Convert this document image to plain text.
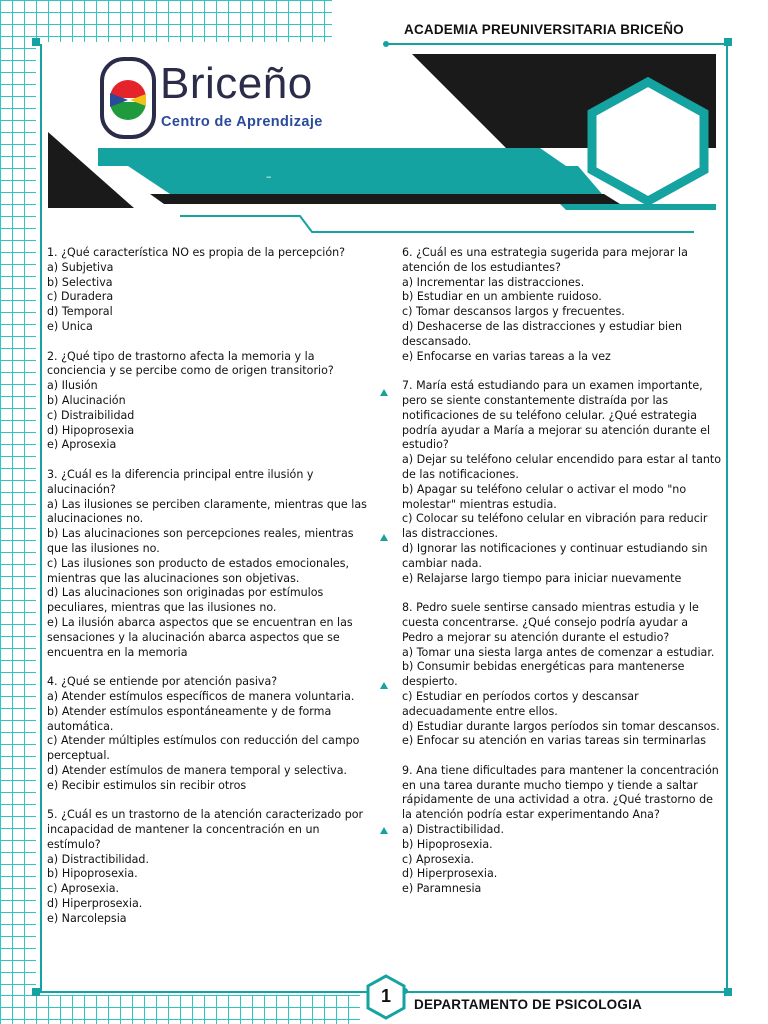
ACADEMIA PREUNIVERSITARIA BRICEÑO
Briceño
Centro de Aprendizaje
–

1. ¿Qué característica NO es propia de la percepción?

a) Subjetiva

b) Selectiva

c) Duradera

d) Temporal

e) Unica

2. ¿Qué tipo de trastorno afecta la memoria y la conciencia y se percibe como de origen transitorio?

a) Ilusión

b) Alucinación

c) Distraibilidad

d) Hipoprosexia

e) Aprosexia

3. ¿Cuál es la diferencia principal entre ilusión y alucinación?

a) Las ilusiones se perciben claramente, mientras que las alucinaciones no.

b) Las alucinaciones son percepciones reales, mientras que las ilusiones no.

c) Las ilusiones son producto de estados emocionales, mientras que las alucinaciones son objetivas.

d) Las alucinaciones son originadas por estímulos peculiares, mientras que las ilusiones no.

e) La ilusión abarca aspectos que se encuentran en las sensaciones y la alucinación abarca aspectos que se encuentra en la memoria

4. ¿Qué se entiende por atención pasiva?

a) Atender estímulos específicos de manera voluntaria.

b) Atender estímulos espontáneamente y de forma automática.

c) Atender múltiples estímulos con reducción del campo perceptual.

d) Atender estímulos de manera temporal y selectiva.

e) Recibir estimulos sin recibir otros

5. ¿Cuál es un trastorno de la atención caracterizado por incapacidad de mantener la concentración en un estímulo?

a) Distractibilidad.

b) Hipoprosexia.

c) Aprosexia.

d) Hiperprosexia.

e) Narcolepsia

6. ¿Cuál es una estrategia sugerida para mejorar la atención de los estudiantes?

a) Incrementar las distracciones.

b) Estudiar en un ambiente ruidoso.

c) Tomar descansos largos y frecuentes.

d) Deshacerse de las distracciones y estudiar bien descansado.

e) Enfocarse en varias tareas a la vez

7. María está estudiando para un examen importante, pero se siente constantemente distraída por las notificaciones de su teléfono celular. ¿Qué estrategia podría ayudar a María a mejorar su atención durante el estudio?

a) Dejar su teléfono celular encendido para estar al tanto de las notificaciones.

b) Apagar su teléfono celular o activar el modo "no molestar" mientras estudia.

c) Colocar su teléfono celular en vibración para reducir las distracciones.

d) Ignorar las notificaciones y continuar estudiando sin cambiar nada.

e) Relajarse largo tiempo para iniciar nuevamente

8. Pedro suele sentirse cansado mientras estudia y le cuesta concentrarse. ¿Qué consejo podría ayudar a Pedro a mejorar su atención durante el estudio?

a) Tomar una siesta larga antes de comenzar a estudiar.

b) Consumir bebidas energéticas para mantenerse despierto.

c) Estudiar en períodos cortos y descansar adecuadamente entre ellos.

d) Estudiar durante largos períodos sin tomar descansos.

e) Enfocar su atención en varias tareas sin terminarlas

9. Ana tiene dificultades para mantener la concentración en una tarea durante mucho tiempo y tiende a saltar rápidamente de una actividad a otra. ¿Qué trastorno de la atención podría estar experimentando Ana?

a) Distractibilidad.

b) Hipoprosexia.

c) Aprosexia.

d) Hiperprosexia.

e) Paramnesia

1	DEPARTAMENTO DE PSICOLOGIA
